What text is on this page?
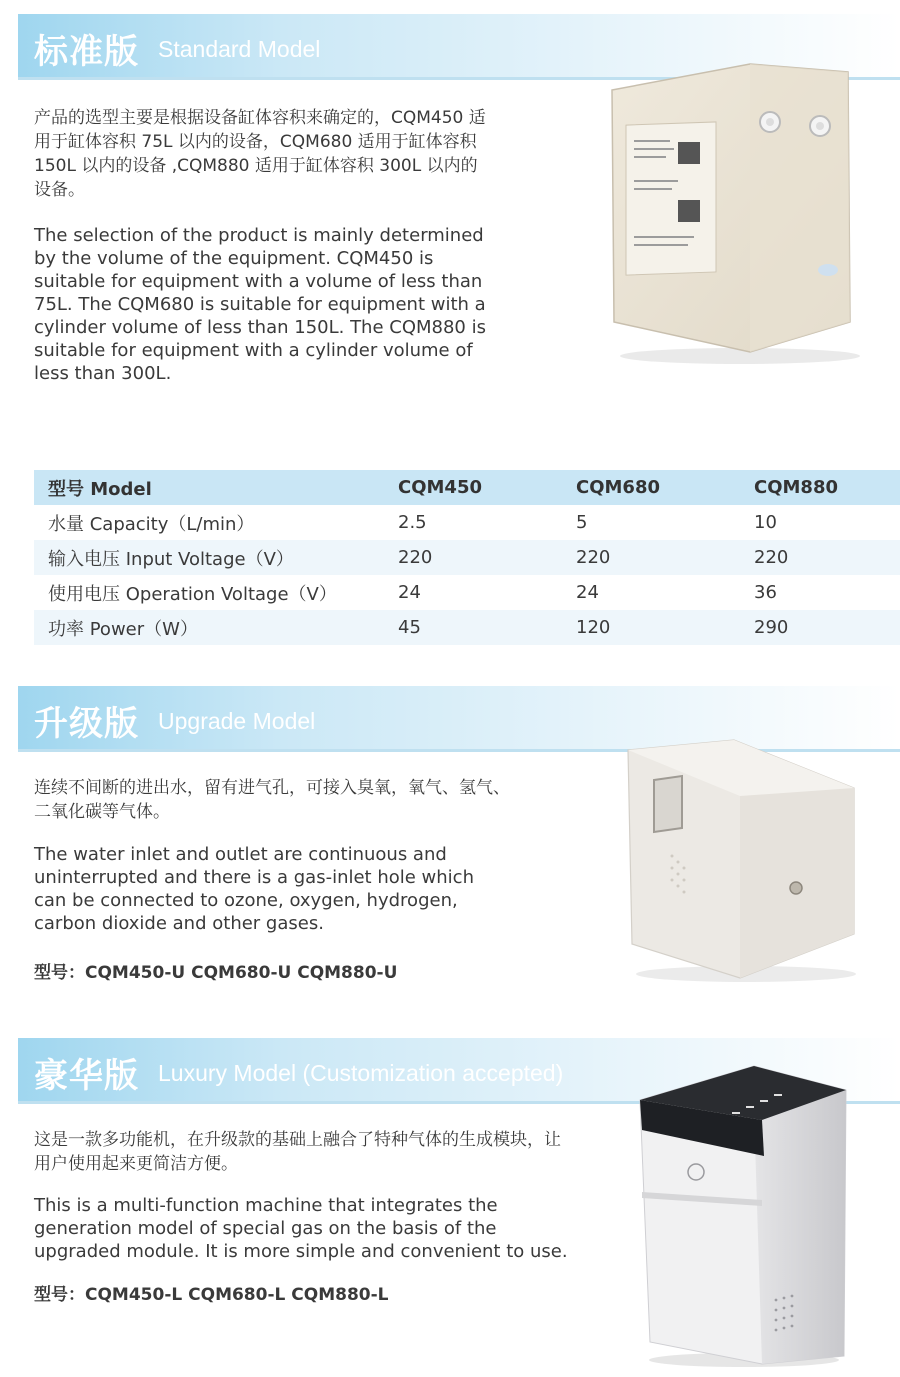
标准版 Standard Model

产品的选型主要是根据设备缸体容积来确定的，CQM450 适用于缸体容积 75L 以内的设备，CQM680 适用于缸体容积 150L 以内的设备 ,CQM880 适用于缸体容积 300L 以内的设备。

The selection of the product is mainly determined by the volume of the equipment. CQM450 is suitable for equipment with a volume of less than 75L. The CQM680 is suitable for equipment with a cylinder volume of less than 150L. The CQM880 is suitable for equipment with a cylinder volume of less than 300L.

型号 Model	CQM450	CQM680	CQM880
水量 Capacity（L/min）	2.5	5	10
输入电压 Input Voltage（V）	220	220	220
使用电压 Operation Voltage（V）	24	24	36
功率 Power（W）	45	120	290
升级版 Upgrade Model

连续不间断的进出水，留有进气孔，可接入臭氧，氧气、氢气、二氧化碳等气体。

The water inlet and outlet are continuous and uninterrupted and there is a gas-inlet hole which can be connected to ozone, oxygen, hydrogen, carbon dioxide and other gases.

型号：CQM450-U CQM680-U CQM880-U
豪华版 Luxury Model (Customization accepted)

这是一款多功能机，在升级款的基础上融合了特种气体的生成模块，让用户使用起来更简洁方便。

This is a multi-function machine that integrates the generation model of special gas on the basis of the upgraded module. It is more simple and convenient to use.

型号：CQM450-L CQM680-L CQM880-L
